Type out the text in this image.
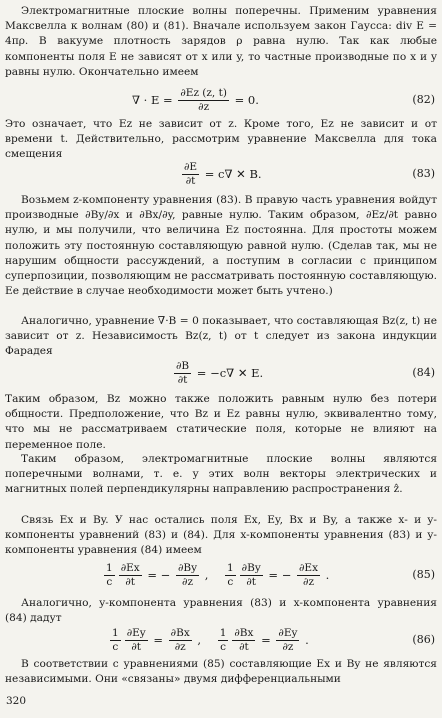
Электромагнитные плоские волны поперечны. Применим уравнения Максвелла к волнам (80) и (81). Вначале используем закон Гаусса: div E = 4πρ. В вакууме плотность зарядов ρ равна нулю. Так как любые компоненты поля E не зависят от x или y, то частные производные по x и y равны нулю. Окончательно имеем

∇ · $E = \frac{\partial Ez (z, t)}{\partial z} = 0$.	(82)

Это означает, что Ez не зависит от z. Кроме того, Ez не зависит и от времени t. Действительно, рассмотрим уравнение Максвелла для тока смещения

$\frac{\partial E}{\partial t} = c\nabla$ ✕ B.	(83)

Возьмем z-компоненту уравнения (83). В правую часть уравнения войдут производные ∂By/∂x и ∂Bx/∂y, равные нулю. Таким образом, ∂Ez/∂t равно нулю, и мы получили, что величина Ez постоянна. Для простоты можем положить эту постоянную составляющую равной нулю. (Сделав так, мы не нарушим общности рассуждений, а поступим в согласии с принципом суперпозиции, позволяющим не рассматривать постоянную составляющую. Ее действие в случае необходимости может быть учтено.)

Аналогично, уравнение ∇·B = 0 показывает, что составляющая Bz(z, t) не зависит от z. Независимость Bz(z, t) от t следует из закона индукции Фарадея

$\frac{\partial B}{\partial t} = -c\nabla$ ✕ E.	(84)

Таким образом, Bz можно также положить равным нулю без потери общности. Предположение, что Bz и Ez равны нулю, эквивалентно тому, что мы не рассматриваем статические поля, которые не влияют на переменное поле.

Таким образом, электромагнитные плоские волны являются поперечными волнами, т. е. у этих волн векторы электрических и магнитных полей перпендикулярны направлению распространения ẑ.

Связь Ex и By. У нас остались поля Ex, Ey, Bx и By, а также x- и y-компоненты уравнений (83) и (84). Для x-компоненты уравнения (83) и y-компоненты уравнения (84) имеем

$\frac{1}{c} \frac{\partial Ex}{\partial t}$ = − $\frac{\partial By}{\partial z}$ , $\frac{1}{c} \frac{\partial By}{\partial t}$ = − $\frac{\partial Ex}{\partial z}$ .	(85)

Аналогично, y-компонента уравнения (83) и x-компонента уравнения (84) дадут

$\frac{1}{c} \frac{\partial Ey}{\partial t} = \frac{\partial Bx}{\partial z}$ , $\frac{1}{c} \frac{\partial Bx}{\partial t} = \frac{\partial Ey}{\partial z}$ .	(86)

В соответствии с уравнениями (85) составляющие Ex и By не являются независимыми. Они «связаны» двумя дифференциальными

320
